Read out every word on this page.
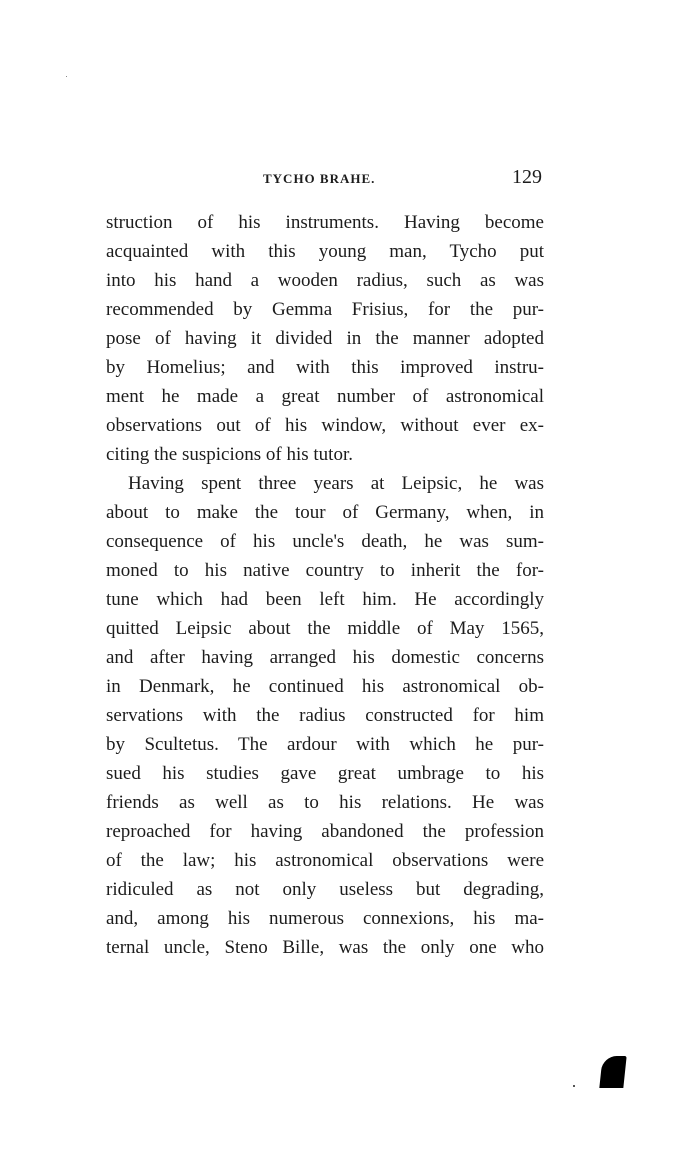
TYCHO BRAHE.	129
struction of his instruments. Having become
acquainted with this young man, Tycho put
into his hand a wooden radius, such as was
recommended by Gemma Frisius, for the pur-
pose of having it divided in the manner adopted
by Homelius; and with this improved instru-
ment he made a great number of astronomical
observations out of his window, without ever ex-
citing the suspicions of his tutor.
Having spent three years at Leipsic, he was
about to make the tour of Germany, when, in
consequence of his uncle's death, he was sum-
moned to his native country to inherit the for-
tune which had been left him. He accordingly
quitted Leipsic about the middle of May 1565,
and after having arranged his domestic concerns
in Denmark, he continued his astronomical ob-
servations with the radius constructed for him
by Scultetus. The ardour with which he pur-
sued his studies gave great umbrage to his
friends as well as to his relations. He was
reproached for having abandoned the profession
of the law; his astronomical observations were
ridiculed as not only useless but degrading,
and, among his numerous connexions, his ma-
ternal uncle, Steno Bille, was the only one who
